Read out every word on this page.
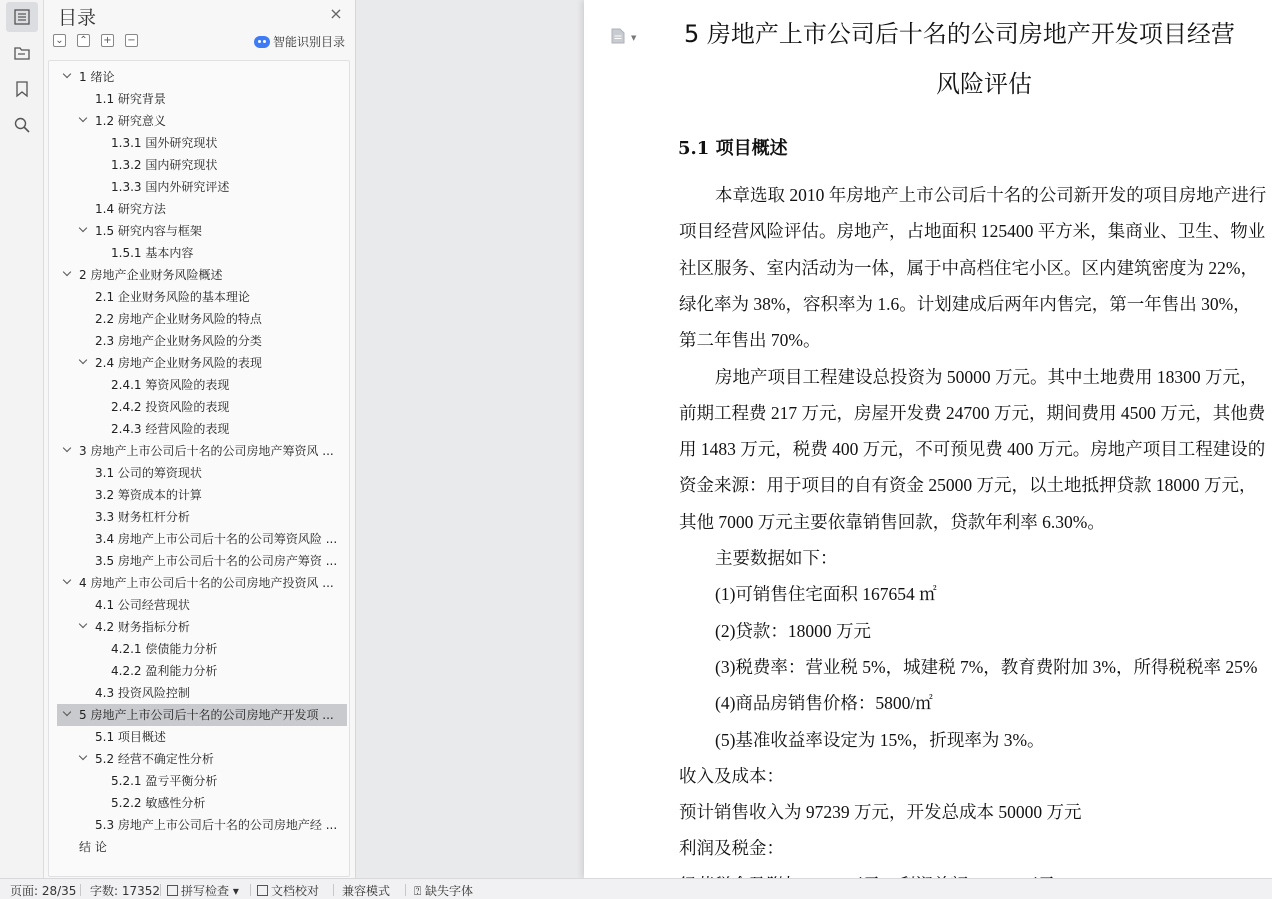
目录	×
⌄ ⌃ + −	智能识别目录
1 绪论
1.1 研究背景
1.2 研究意义
1.3.1 国外研究现状
1.3.2 国内研究现状
1.3.3 国内外研究评述
1.4 研究方法
1.5 研究内容与框架
1.5.1 基本内容
2 房地产企业财务风险概述
2.1 企业财务风险的基本理论
2.2 房地产企业财务风险的特点
2.3 房地产企业财务风险的分类
2.4 房地产企业财务风险的表现
2.4.1 筹资风险的表现
2.4.2 投资风险的表现
2.4.3 经营风险的表现
3 房地产上市公司后十名的公司房地产筹资风 ...
3.1 公司的筹资现状
3.2 筹资成本的计算
3.3 财务杠杆分析
3.4 房地产上市公司后十名的公司筹资风险 ...
3.5 房地产上市公司后十名的公司房产筹资 ...
4 房地产上市公司后十名的公司房地产投资风 ...
4.1 公司经营现状
4.2 财务指标分析
4.2.1 偿债能力分析
4.2.2 盈利能力分析
4.3 投资风险控制
5 房地产上市公司后十名的公司房地产开发项 ...
5.1 项目概述
5.2 经营不确定性分析
5.2.1 盈亏平衡分析
5.2.2 敏感性分析
5.3 房地产上市公司后十名的公司房地产经 ...
结 论
▼ 5 房地产上市公司后十名的公司房地产开发项目经营
风险评估
5.1 项目概述
本章选取 2010 年房地产上市公司后十名的公司新开发的项目房地产进行
项目经营风险评估。房地产，占地面积 125400 平方米，集商业、卫生、物业
社区服务、室内活动为一体，属于中高档住宅小区。区内建筑密度为 22%，
绿化率为 38%，容积率为 1.6。计划建成后两年内售完，第一年售出 30%，
第二年售出 70%。
房地产项目工程建设总投资为 50000 万元。其中土地费用 18300 万元，
前期工程费 217 万元，房屋开发费 24700 万元，期间费用 4500 万元，其他费
用 1483 万元，税费 400 万元，不可预见费 400 万元。房地产项目工程建设的
资金来源：用于项目的自有资金 25000 万元，以土地抵押贷款 18000 万元，
其他 7000 万元主要依靠销售回款，贷款年利率 6.30%。
主要数据如下：
(1)可销售住宅面积 167654 ㎡
(2)贷款：18000 万元
(3)税费率：营业税 5%，城建税 7%，教育费附加 3%，所得税税率 25%
(4)商品房销售价格：5800/㎡
(5)基准收益率设定为 15%，折现率为 3%。
收入及成本：
预计销售收入为 97239 万元，开发总成本 50000 万元
利润及税金：
页面: 28/35 字数: 17352	拼写检查 ▾	文档校对 兼容模式 ⍰ 缺失字体
